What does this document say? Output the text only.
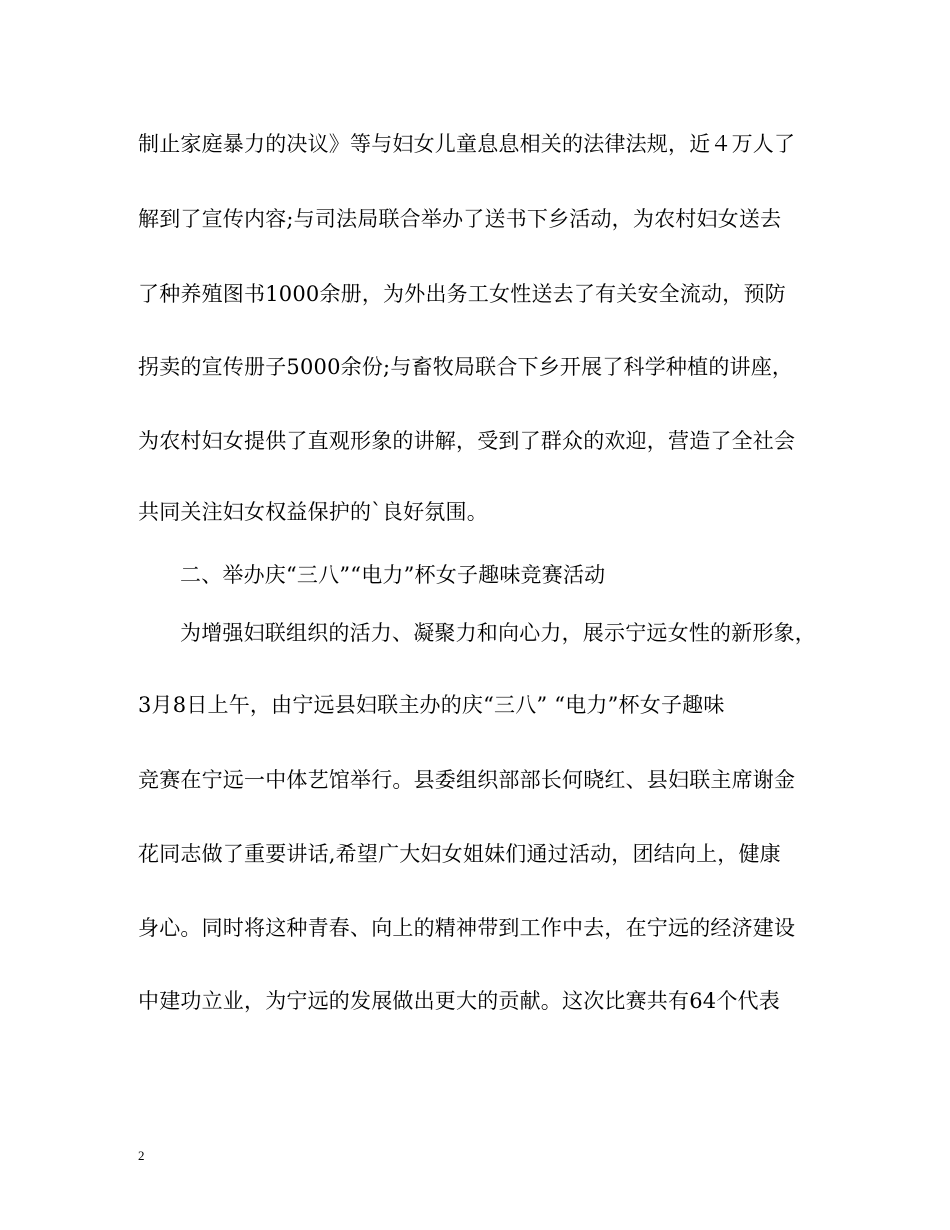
制止家庭暴力的决议》等与妇女儿童息息相关的法律法规，近４万人了
解到了宣传内容;与司法局联合举办了送书下乡活动，为农村妇女送去
了种养殖图书1000余册，为外出务工女性送去了有关安全流动，预防
拐卖的宣传册子5000余份;与畜牧局联合下乡开展了科学种植的讲座，
为农村妇女提供了直观形象的讲解，受到了群众的欢迎，营造了全社会
共同关注妇女权益保护的`良好氛围。
二、举办庆“三八”“电力”杯女子趣味竞赛活动
为增强妇联组织的活力、凝聚力和向心力，展示宁远女性的新形象，
3月8日上午，由宁远县妇联主办的庆“三八” “电力”杯女子趣味
竞赛在宁远一中体艺馆举行。县委组织部部长何晓红、县妇联主席谢金
花同志做了重要讲话,希望广大妇女姐妹们通过活动，团结向上，健康
身心。同时将这种青春、向上的精神带到工作中去，在宁远的经济建设
中建功立业，为宁远的发展做出更大的贡献。这次比赛共有64个代表
2
